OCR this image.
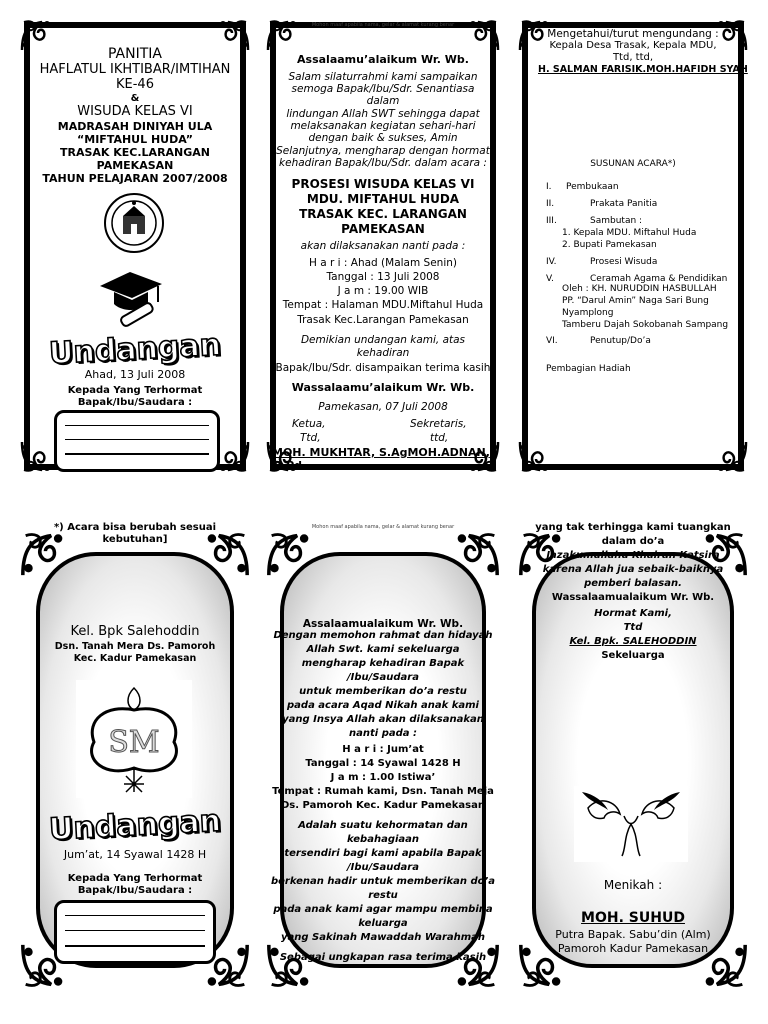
PANITIA
HAFLATUL IKHTIBAR/IMTIHAN
KE-46
&
WISUDA KELAS VI
MADRASAH DINIYAH ULA
“MIFTAHUL HUDA”
TRASAK KEC.LARANGAN
PAMEKASAN
TAHUN PELAJARAN 2007/2008
Undangan
Ahad, 13 Juli 2008
Kepada Yang Terhormat
Bapak/Ibu/Saudara :
Mohon maaf apabila nama, gelar & alamat kurang benar
Assalaamu’alaikum Wr. Wb.
Salam silaturrahmi kami sampaikan
semoga Bapak/Ibu/Sdr. Senantiasa
dalam
lindungan Allah SWT sehingga dapat
melaksanakan kegiatan sehari-hari
dengan baik & sukses, Amin
Selanjutnya, mengharap dengan hormat
kehadiran Bapak/Ibu/Sdr. dalam acara :
PROSESI WISUDA KELAS VI
MDU. MIFTAHUL HUDA
TRASAK KEC. LARANGAN
PAMEKASAN
akan dilaksanakan nanti pada :
H a r i : Ahad (Malam Senin)
Tanggal : 13 Juli 2008
J a m : 19.00 WIB
Tempat : Halaman MDU.Miftahul Huda
Trasak Kec.Larangan Pamekasan
Demikian undangan kami, atas
kehadiran
Bapak/Ibu/Sdr. disampaikan terima kasih
Wassalaamu’alaikum Wr. Wb.
Pamekasan, 07 Juli 2008
Ketua,	Sekretaris,
Ttd,	ttd,
MOH. MUKHTAR, S.AgMOH.ADNAN,
S.Pd
Mengetahui/turut mengundang :
Kepala Desa Trasak, Kepala MDU,
Ttd, ttd,
H. SALMAN FARISIK.MOH.HAFIDH SYAH
SUSUNAN ACARA*)
I. Pembukaan
II.	Prakata Panitia
III.	Sambutan :
1. Kepala MDU. Miftahul Huda
2. Bupati Pamekasan
IV.	Prosesi Wisuda
V.	Ceramah Agama & Pendidikan
Oleh : KH. NURUDDIN HASBULLAH
PP. “Darul Amin” Naga Sari Bung
Nyamplong
Tamberu Dajah Sokobanah Sampang
VI.	Penutup/Do’a
Pembagian Hadiah
*) Acara bisa berubah sesuai
kebutuhan]
Kel. Bpk Salehoddin
Dsn. Tanah Mera Ds. Pamoroh
Kec. Kadur Pamekasan
SM
Undangan
Jum’at, 14 Syawal 1428 H
Kepada Yang Terhormat
Bapak/Ibu/Saudara :
Mohon maaf apabila nama, gelar & alamat kurang benar
Assalaamualaikum Wr. Wb.
Dengan memohon rahmat dan hidayah
Allah Swt. kami sekeluarga
mengharap kehadiran Bapak
/Ibu/Saudara
untuk memberikan do’a restu
pada acara Aqad Nikah anak kami
yang Insya Allah akan dilaksanakan
nanti pada :
H a r i : Jum’at
Tanggal : 14 Syawal 1428 H
J a m : 1.00 Istiwa’
Tempat : Rumah kami, Dsn. Tanah Meja
Ds. Pamoroh Kec. Kadur Pamekasan
Adalah suatu kehormatan dan
kebahagiaan
tersendiri bagi kami apabila Bapak
/Ibu/Saudara
berkenan hadir untuk memberikan do’a
restu
pada anak kami agar mampu membina
keluarga
yang Sakinah Mawaddah Warahmah
Sebagai ungkapan rasa terima kasih
yang tak terhingga kami tuangkan
dalam do’a
Jazakumullahu Khairan Katsira
karena Allah jua sebaik-baiknya
pemberi balasan.
Wassalaamualaikum Wr. Wb.
Hormat Kami,
Ttd
Kel. Bpk. SALEHODDIN
Sekeluarga
Menikah :
MOH. SUHUD
Putra Bapak. Sabu’din (Alm)
Pamoroh Kadur Pamekasan
